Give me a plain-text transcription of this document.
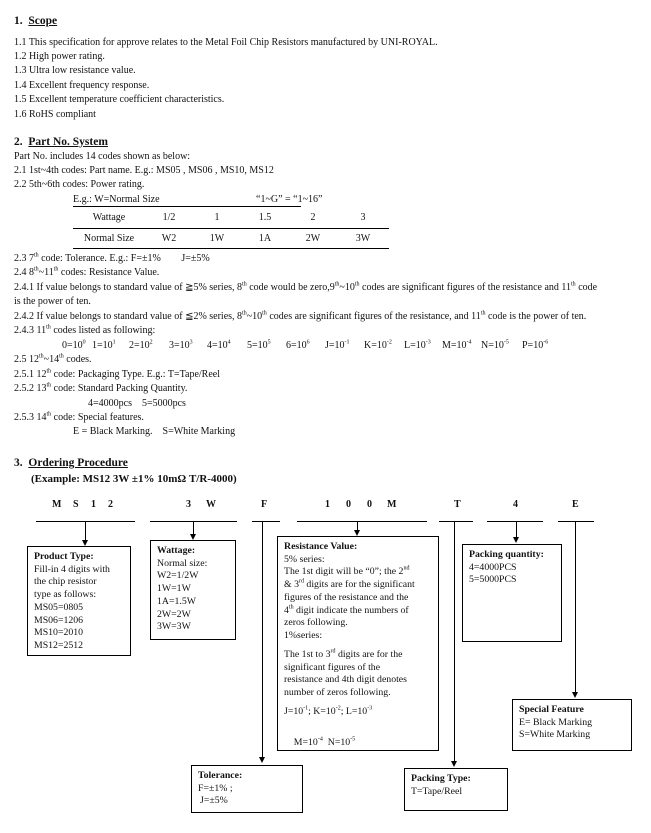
1. Scope
1.1 This specification for approve relates to the Metal Foil Chip Resistors manufactured by UNI-ROYAL.
1.2 High power rating.
1.3 Ultra low resistance value.
1.4 Excellent frequency response.
1.5 Excellent temperature coefficient characteristics.
1.6 RoHS compliant
2. Part No. System
Part No. includes 14 codes shown as below:
2.1 1st~4th codes: Part name. E.g.: MS05 , MS06 , MS10, MS12
2.2 5th~6th codes: Power rating.
E.g.: W=Normal Size	“1~G” = “1~16”
Wattage	1/2	1	1.5	2	3
Normal Size	W2	1W	1A	2W	3W
2.3 7th code: Tolerance. E.g.: F=±1% J=±5%
2.4 8th~11th codes: Resistance Value.
2.4.1 If value belongs to standard value of ≧5% series, 8th code would be zero,9th~10th codes are significant figures of the resistance and 11th code
is the power of ten.
2.4.2 If value belongs to standard value of ≦2% series, 8th~10th codes are significant figures of the resistance, and 11th code is the power of ten.
2.4.3 11th codes listed as following:
$0=10^0$ $1=10^1$ $2=10^2$ $3=10^3$ $4=10^4$ $5=10^5$ $6=10^6$ $J=10^{-1}$ $K=10^{-2}$ $L=10^{-3}$ $M=10^{-4}$ $N=10^{-5}$ $P=10^{-6}$
2.5 12th~14th codes.
2.5.1 12th code: Packaging Type. E.g.: T=Tape/Reel
2.5.2 13th code: Standard Packing Quantity.
4=4000pcs    5=5000pcs
2.5.3 14th code: Special features.
E = Black Marking.    S=White Marking
3. Ordering Procedure
(Example: MS12 3W ±1% 10mΩ T/R-4000)
M S 1 2	3 W	F	1 0 0 M	T	4	E
Product Type:
Fill-in 4 digits with
the chip resistor
type as follows:
MS05=0805
MS06=1206
MS10=2010
MS12=2512
Wattage:
Normal size:
W2=1/2W
1W=1W
1A=1.5W
2W=2W
3W=3W
Resistance Value:
5% series:
The 1st digit will be “0”; the 2nd
& 3rd digits are for the significant
figures of the resistance and the
4th digit indicate the numbers of
zeros following.
1%series:
The 1st to 3rd digits are for the
significant figures of the
resistance and 4th digit denotes
number of zeros following.
$J=10^{-1}$; $K=10^{-2}$; $L=10^{-3}$

$M=10^{-4}$  $N=10^{-5}$

Packing quantity:
4=4000PCS
5=5000PCS
Special Feature
E= Black Marking
S=White Marking
Tolerance:
F=±1% ;
J=±5%
Packing Type:
T=Tape/Reel
